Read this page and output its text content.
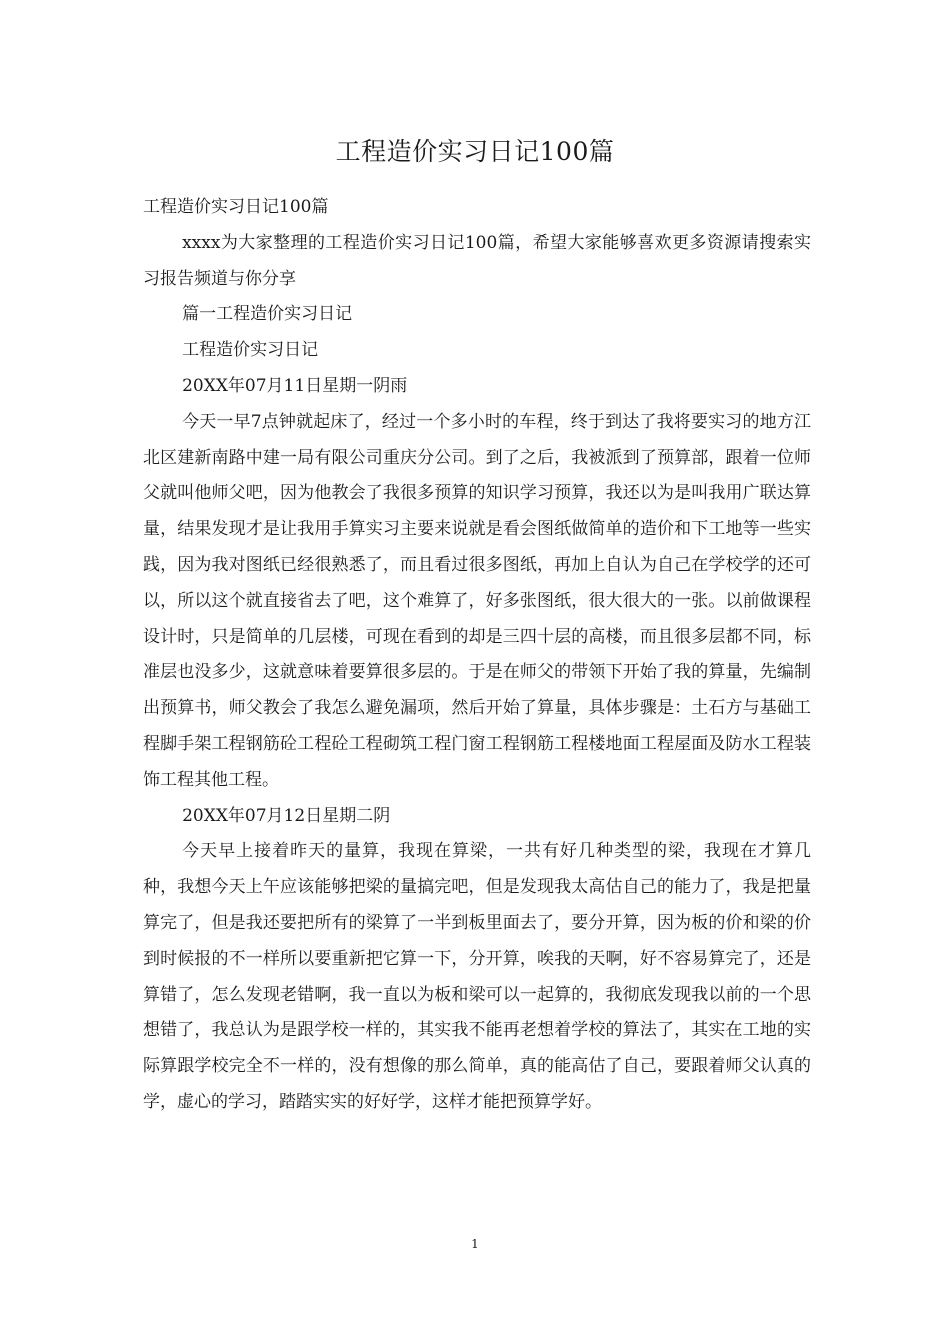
工程造价实习日记100篇

工程造价实习日记100篇

xxxx为大家整理的工程造价实习日记100篇，希望大家能够喜欢更多资源请搜索实习报告频道与你分享

篇一工程造价实习日记

工程造价实习日记

20XX年07月11日星期一阴雨

今天一早7点钟就起床了，经过一个多小时的车程，终于到达了我将要实习的地方江北区建新南路中建一局有限公司重庆分公司。到了之后，我被派到了预算部，跟着一位师父就叫他师父吧，因为他教会了我很多预算的知识学习预算，我还以为是叫我用广联达算量，结果发现才是让我用手算实习主要来说就是看会图纸做简单的造价和下工地等一些实践，因为我对图纸已经很熟悉了，而且看过很多图纸，再加上自认为自己在学校学的还可以，所以这个就直接省去了吧，这个难算了，好多张图纸，很大很大的一张。以前做课程设计时，只是简单的几层楼，可现在看到的却是三四十层的高楼，而且很多层都不同，标准层也没多少，这就意味着要算很多层的。于是在师父的带领下开始了我的算量，先编制出预算书，师父教会了我怎么避免漏项，然后开始了算量，具体步骤是：土石方与基础工程脚手架工程钢筋砼工程砼工程砌筑工程门窗工程钢筋工程楼地面工程屋面及防水工程装饰工程其他工程。

20XX年07月12日星期二阴

今天早上接着昨天的量算，我现在算梁，一共有好几种类型的梁，我现在才算几种，我想今天上午应该能够把梁的量搞完吧，但是发现我太高估自己的能力了，我是把量算完了，但是我还要把所有的梁算了一半到板里面去了，要分开算，因为板的价和梁的价到时候报的不一样所以要重新把它算一下，分开算，唉我的天啊，好不容易算完了，还是算错了，怎么发现老错啊，我一直以为板和梁可以一起算的，我彻底发现我以前的一个思想错了，我总认为是跟学校一样的，其实我不能再老想着学校的算法了，其实在工地的实际算跟学校完全不一样的，没有想像的那么简单，真的能高估了自己，要跟着师父认真的学，虚心的学习，踏踏实实的好好学，这样才能把预算学好。

1
